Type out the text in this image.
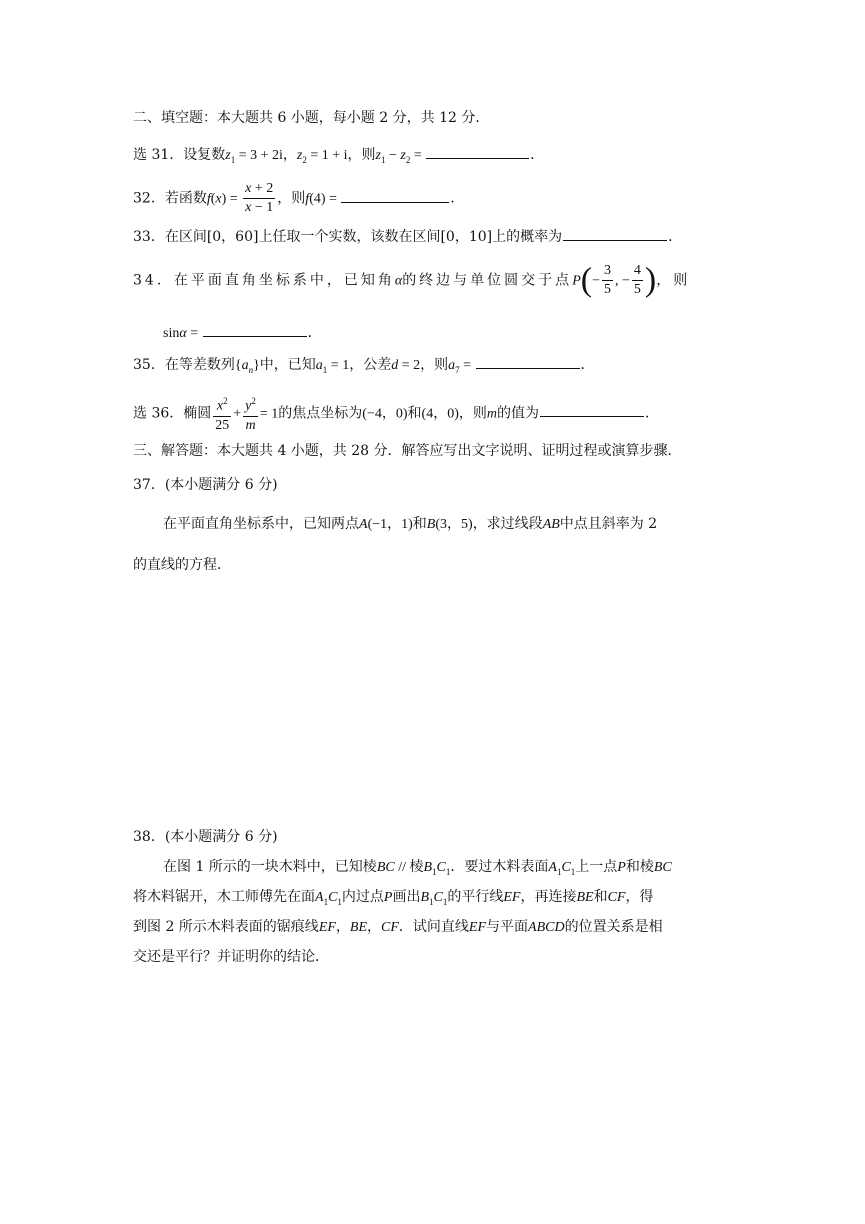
二、填空题：本大题共 6 小题，每小题 2 分，共 12 分．
选 31．设复数$z_1 = 3 + 2i$，$z_2 = 1 + i$，则$z_1 - z_2$ =	．
32．若函数$f(x) = \frac{x + 2}{x - 1}$ ，则f(4) =	．
33．在区间[0，60]上任取一个实数，该数在区间[0，10]上的概率为	．
34．在平面直角坐标系中，已知角α的终边与单位圆交于点$P(- \frac{3}{5}$ , − $\frac{4}{5}$ )，则
sinα =	．
35．在等差数列$\{a_n\}$中，已知$a_1 = 1$，公差d = 2，则$a_7$ =	．
选 36．椭圆 $\frac{x^2}{25} + \frac{y^2}{m} = 1$的焦点坐标为(−4，0)和(4，0)，则m的值为	．
三、解答题：本大题共 4 小题，共 28 分．解答应写出文字说明、证明过程或演算步骤．
37．(本小题满分 6 分)
在平面直角坐标系中，已知两点A(−1，1)和B(3，5)，求过线段AB中点且斜率为 2
的直线的方程．
38．(本小题满分 6 分)
在图 1 所示的一块木料中，已知棱BC // 棱$B_1C_1$．要过木料表面$A_1C_1$上一点P和棱BC
将木料锯开，木工师傅先在面$A_1C_1$内过点P画出$B_1C_1$的平行线EF，再连接BE和CF，得
到图 2 所示木料表面的锯痕线EF，BE，CF．试问直线EF与平面ABCD的位置关系是相
交还是平行？并证明你的结论．
